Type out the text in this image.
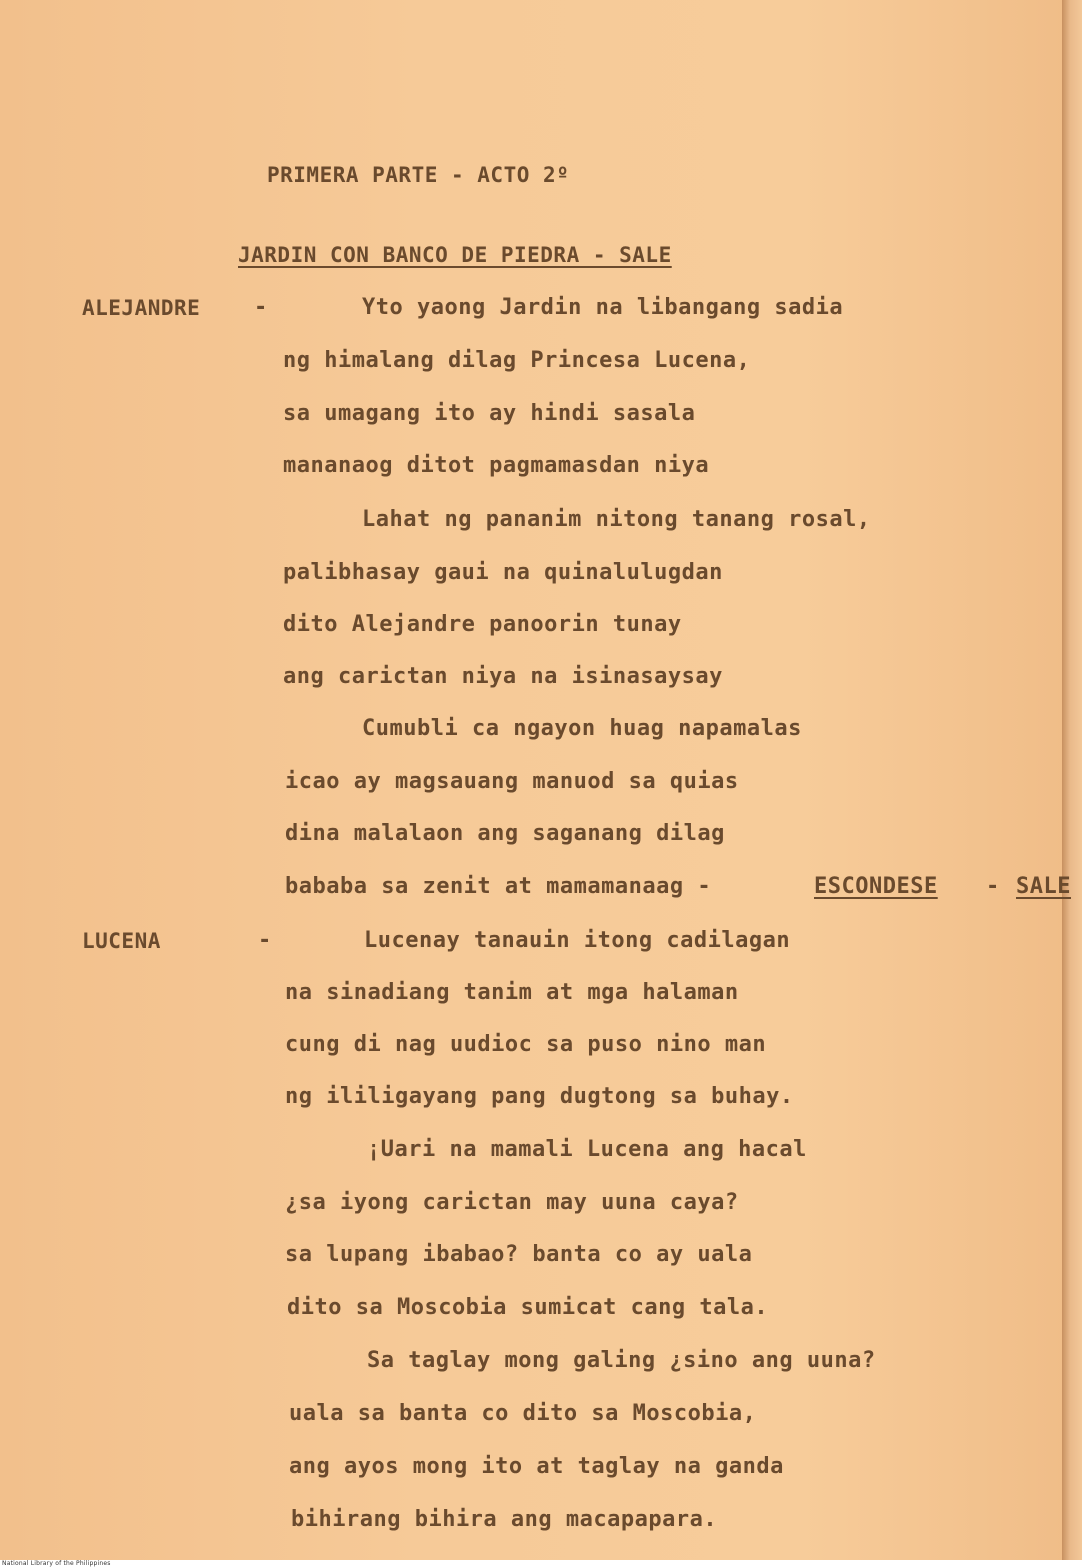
PRIMERA PARTE - ACTO 2º
JARDIN CON BANCO DE PIEDRA - SALE
ALEJANDRE -	Yto yaong Jardin na libangang sadia
ng himalang dilag Princesa Lucena,
sa umagang ito ay hindi sasala
mananaog ditot pagmamasdan niya
Lahat ng pananim nitong tanang rosal,
palibhasay gaui na quinalulugdan
dito Alejandre panoorin tunay
ang carictan niya na isinasaysay
Cumubli ca ngayon huag napamalas
icao ay magsauang manuod sa quias
dina malalaon ang saganang dilag
bababa sa zenit at mamamanaag -	ESCONDESE - SALE
LUCENA	-	Lucenay tanauin itong cadilagan
na sinadiang tanim at mga halaman
cung di nag uudioc sa puso nino man
ng ililigayang pang dugtong sa buhay.
¡Uari na mamali Lucena ang hacal
¿sa iyong carictan may uuna caya?
sa lupang ibabao? banta co ay uala
dito sa Moscobia sumicat cang tala.
Sa taglay mong galing ¿sino ang uuna?
uala sa banta co dito sa Moscobia,
ang ayos mong ito at taglay na ganda
bihirang bihira ang macapapara.
National Library of the Philippines
